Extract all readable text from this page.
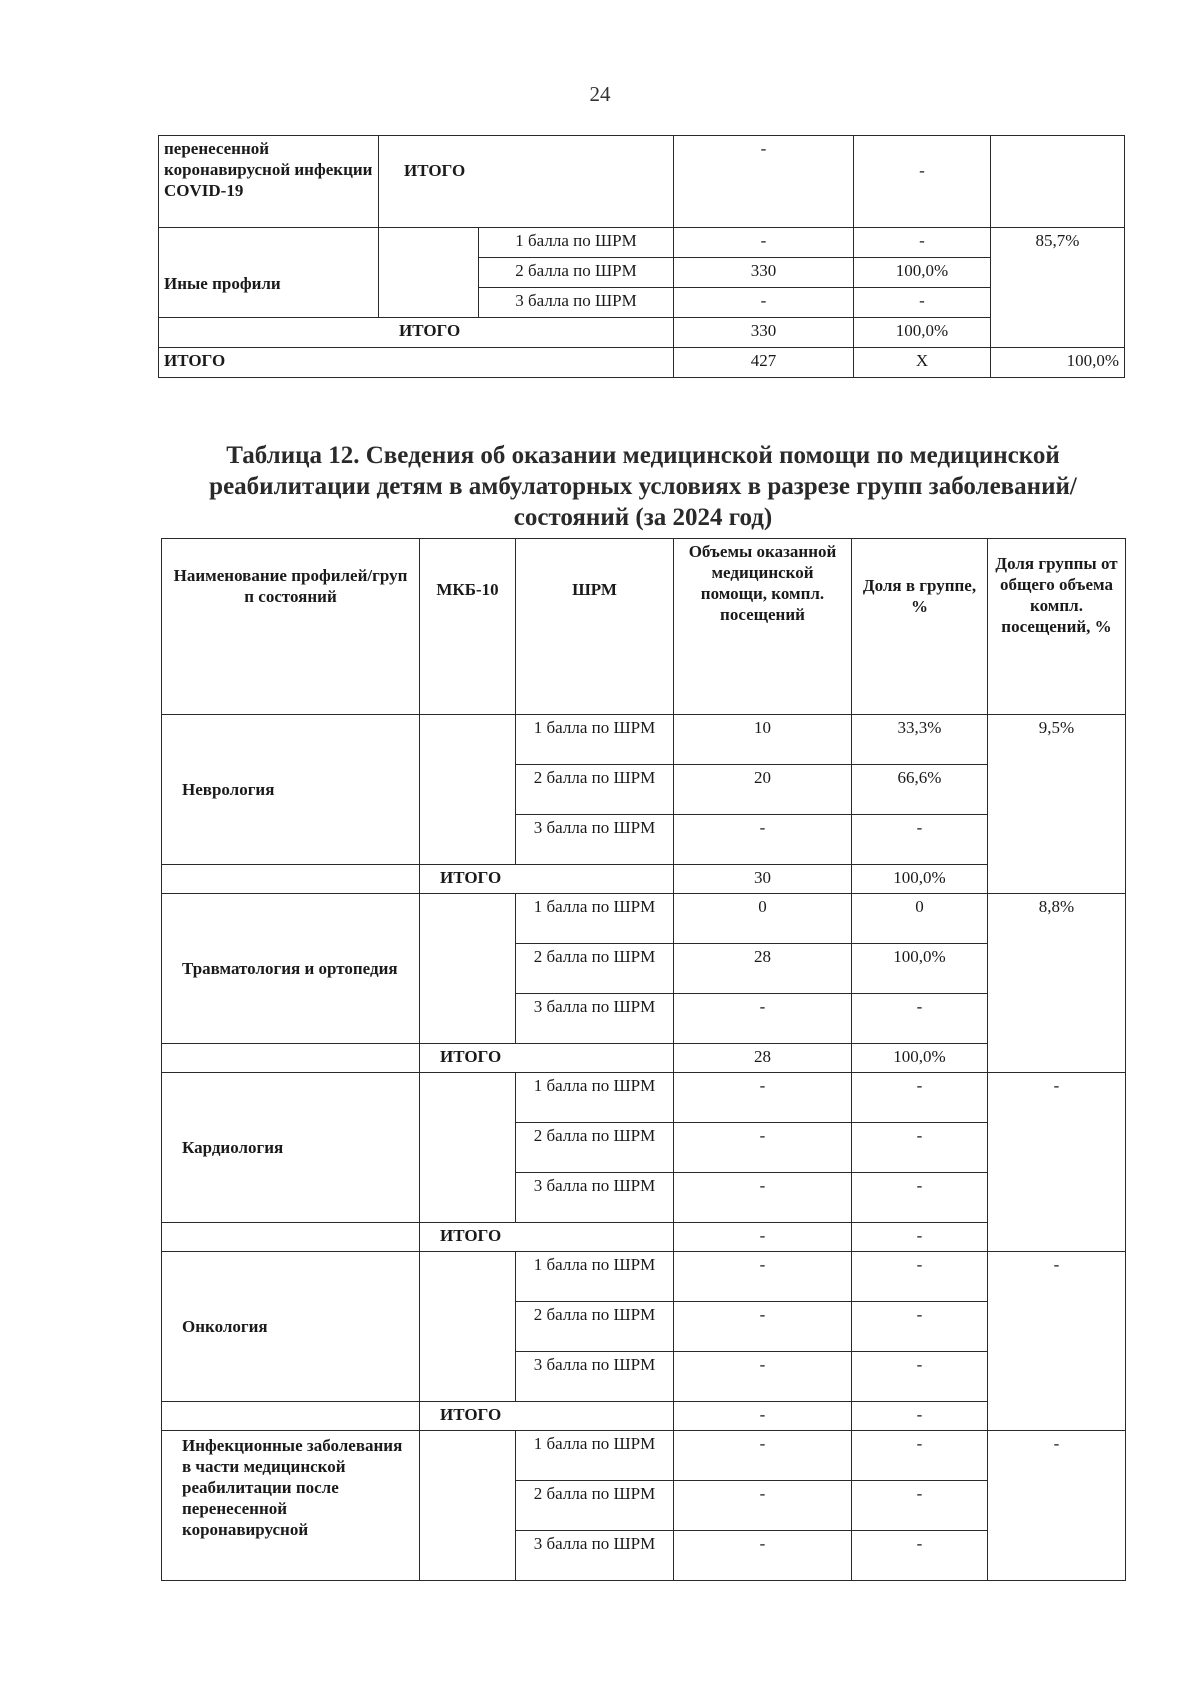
24
перенесенной коронавирусной инфекции COVID-19	ИТОГО		-	-	
Иные профили		1 балла по ШРМ	-	-	85,7%
		2 балла по ШРМ	330	100,0%	
		3 балла по ШРМ	-	-	
ИТОГО			330	100,0%	
ИТОГО			427	Х	100,0%
Таблица 12. Сведения об оказании медицинской помощи по медицинской реабилитации детям в амбулаторных условиях в разрезе групп заболеваний/состояний (за 2024 год)
Наименование профилей/груп п состояний	МКБ-10	ШРМ	Объемы оказанной медицинской помощи, компл. посещений	Доля в группе, %	Доля группы от общего объема компл. посещений, %
Неврология		1 балла по ШРМ	10	33,3%	9,5%
		2 балла по ШРМ	20	66,6%	
		3 балла по ШРМ	-	-	
	ИТОГО		30	100,0%	
Травматология и ортопедия		1 балла по ШРМ	0	0	8,8%
		2 балла по ШРМ	28	100,0%	
		3 балла по ШРМ	-	-	
	ИТОГО		28	100,0%	
Кардиология		1 балла по ШРМ	-	-	-
		2 балла по ШРМ	-	-	
		3 балла по ШРМ	-	-	
	ИТОГО		-	-	
Онкология		1 балла по ШРМ	-	-	-
		2 балла по ШРМ	-	-	
		3 балла по ШРМ	-	-	
	ИТОГО		-	-	
Инфекционные заболевания в части медицинской реабилитации после перенесенной коронавирусной		1 балла по ШРМ	-	-	-
		2 балла по ШРМ	-	-	
		3 балла по ШРМ	-	-	
